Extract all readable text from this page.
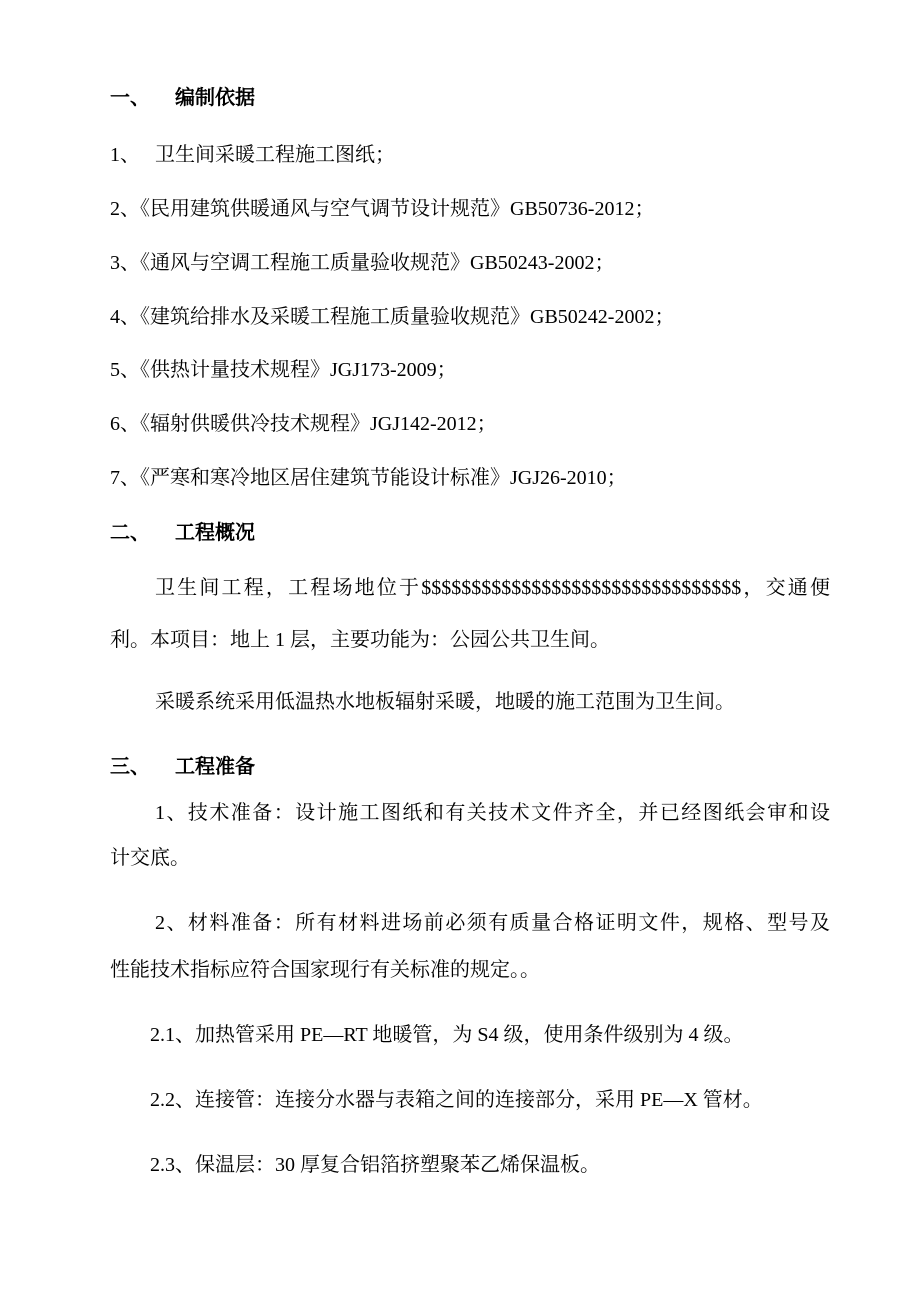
一、 编制依据
1、 卫生间采暖工程施工图纸；
2、《民用建筑供暖通风与空气调节设计规范》GB50736-2012；
3、《通风与空调工程施工质量验收规范》GB50243-2002；
4、《建筑给排水及采暖工程施工质量验收规范》GB50242-2002；
5、《供热计量技术规程》JGJ173-2009；
6、《辐射供暖供冷技术规程》JGJ142-2012；
7、《严寒和寒冷地区居住建筑节能设计标准》JGJ26-2010；
二、 工程概况
卫生间工程，工程场地位于$$$$$$$$$$$$$$$$$$$$$$$$$$$$$$$$，交通便
利。本项目：地上 1 层，主要功能为：公园公共卫生间。
采暖系统采用低温热水地板辐射采暖，地暖的施工范围为卫生间。
三、 工程准备
1、技术准备：设计施工图纸和有关技术文件齐全，并已经图纸会审和设
计交底。
2、材料准备：所有材料进场前必须有质量合格证明文件，规格、型号及
性能技术指标应符合国家现行有关标准的规定。。
2.1、加热管采用 PE—RT 地暖管，为 S4 级，使用条件级别为 4 级。
2.2、连接管：连接分水器与表箱之间的连接部分，采用 PE—X 管材。
2.3、保温层：30 厚复合铝箔挤塑聚苯乙烯保温板。
